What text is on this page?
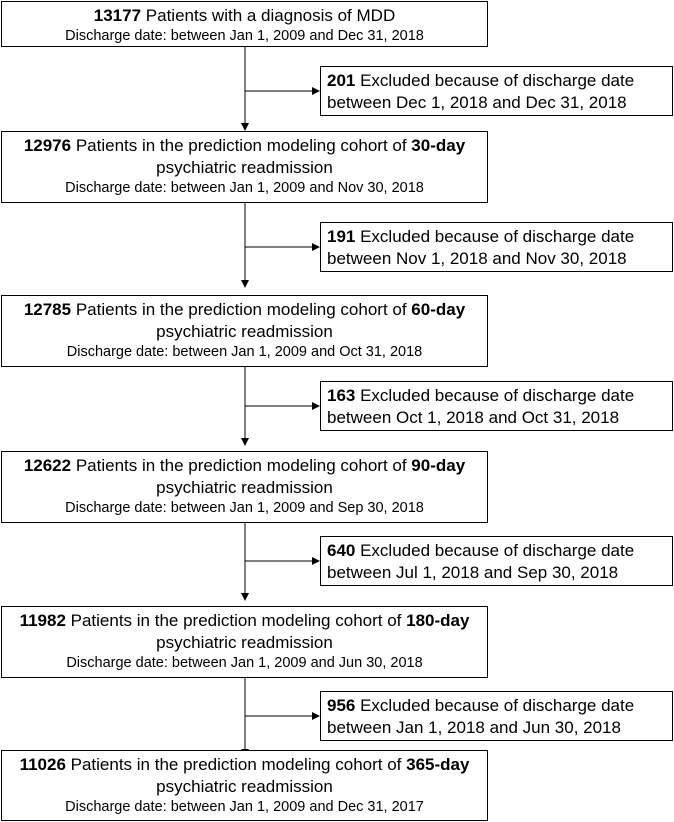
13177 Patients with a diagnosis of MDD
Discharge date: between Jan 1, 2009 and Dec 31, 2018
201 Excluded because of discharge date
between Dec 1, 2018 and Dec 31, 2018
12976 Patients in the prediction modeling cohort of 30-day
psychiatric readmission
Discharge date: between Jan 1, 2009 and Nov 30, 2018
191 Excluded because of discharge date
between Nov 1, 2018 and Nov 30, 2018
12785 Patients in the prediction modeling cohort of 60-day
psychiatric readmission
Discharge date: between Jan 1, 2009 and Oct 31, 2018
163 Excluded because of discharge date
between Oct 1, 2018 and Oct 31, 2018
12622 Patients in the prediction modeling cohort of 90-day
psychiatric readmission
Discharge date: between Jan 1, 2009 and Sep 30, 2018
640 Excluded because of discharge date
between Jul 1, 2018 and Sep 30, 2018
11982 Patients in the prediction modeling cohort of 180-day
psychiatric readmission
Discharge date: between Jan 1, 2009 and Jun 30, 2018
956 Excluded because of discharge date
between Jan 1, 2018 and Jun 30, 2018
11026 Patients in the prediction modeling cohort of 365-day
psychiatric readmission
Discharge date: between Jan 1, 2009 and Dec 31, 2017
